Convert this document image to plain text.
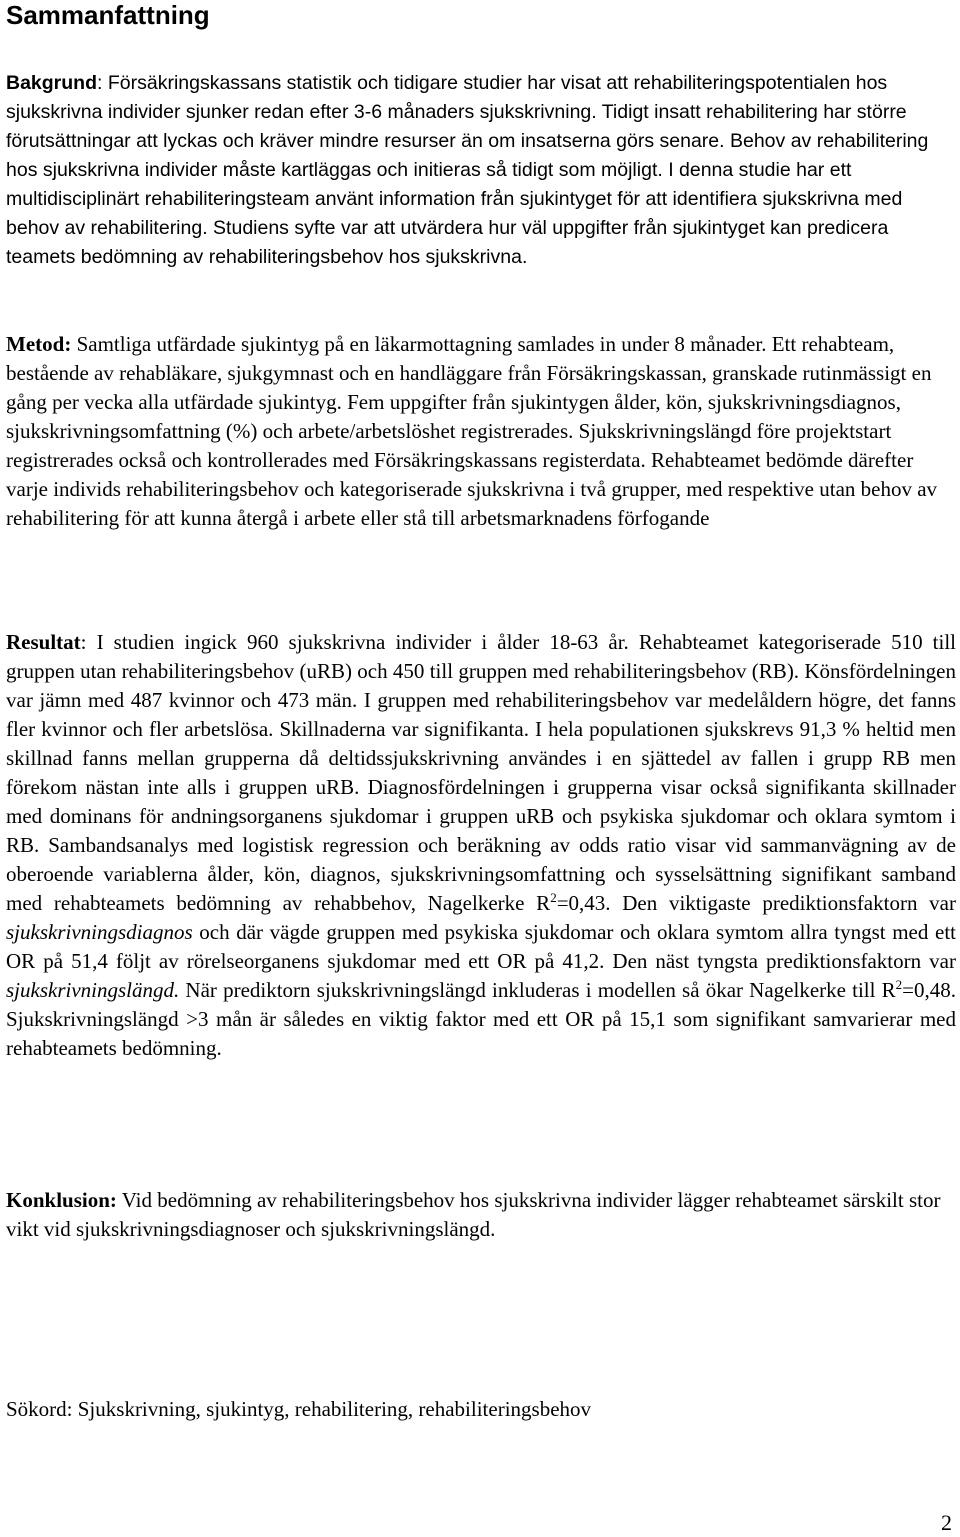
Sammanfattning

Bakgrund: Försäkringskassans statistik och tidigare studier har visat att rehabiliteringspotentialen hos sjukskrivna individer sjunker redan efter 3-6 månaders sjukskrivning. Tidigt insatt rehabilitering har större förutsättningar att lyckas och kräver mindre resurser än om insatserna görs senare. Behov av rehabilitering hos sjukskrivna individer måste kartläggas och initieras så tidigt som möjligt. I denna studie har ett multidisciplinärt rehabiliteringsteam använt information från sjukintyget för att identifiera sjukskrivna med behov av rehabilitering. Studiens syfte var att utvärdera hur väl uppgifter från sjukintyget kan predicera teamets bedömning av rehabiliteringsbehov hos sjukskrivna.

Metod: Samtliga utfärdade sjukintyg på en läkarmottagning samlades in under 8 månader. Ett rehabteam, bestående av rehabläkare, sjukgymnast och en handläggare från Försäkringskassan, granskade rutinmässigt en gång per vecka alla utfärdade sjukintyg. Fem uppgifter från sjukintygen ålder, kön, sjukskrivningsdiagnos, sjukskrivningsomfattning (%) och arbete/arbetslöshet registrerades. Sjukskrivningslängd före projektstart registrerades också och kontrollerades med Försäkringskassans registerdata. Rehabteamet bedömde därefter varje individs rehabiliteringsbehov och kategoriserade sjukskrivna i två grupper, med respektive utan behov av rehabilitering för att kunna återgå i arbete eller stå till arbetsmarknadens förfogande

Resultat: I studien ingick 960 sjukskrivna individer i ålder 18-63 år. Rehabteamet kategoriserade 510 till gruppen utan rehabiliteringsbehov (uRB) och 450 till gruppen med rehabiliteringsbehov (RB). Könsfördelningen var jämn med 487 kvinnor och 473 män. I gruppen med rehabiliteringsbehov var medelåldern högre, det fanns fler kvinnor och fler arbetslösa. Skillnaderna var signifikanta. I hela populationen sjukskrevs 91,3 % heltid men skillnad fanns mellan grupperna då deltidssjukskrivning användes i en sjättedel av fallen i grupp RB men förekom nästan inte alls i gruppen uRB. Diagnosfördelningen i grupperna visar också signifikanta skillnader med dominans för andningsorganens sjukdomar i gruppen uRB och psykiska sjukdomar och oklara symtom i RB. Sambandsanalys med logistisk regression och beräkning av odds ratio visar vid sammanvägning av de oberoende variablerna ålder, kön, diagnos, sjukskrivningsomfattning och sysselsättning signifikant samband med rehabteamets bedömning av rehabbehov, Nagelkerke $R^2=0,43$. Den viktigaste prediktionsfaktorn var sjukskrivningsdiagnos och där vägde gruppen med psykiska sjukdomar och oklara symtom allra tyngst med ett OR på 51,4 följt av rörelseorganens sjukdomar med ett OR på 41,2. Den näst tyngsta prediktionsfaktorn var sjukskrivningslängd. När prediktorn sjukskrivningslängd inkluderas i modellen så ökar Nagelkerke till $R^2=0,48$. Sjukskrivningslängd >3 mån är således en viktig faktor med ett OR på 15,1 som signifikant samvarierar med rehabteamets bedömning.

Konklusion: Vid bedömning av rehabiliteringsbehov hos sjukskrivna individer lägger rehabteamet särskilt stor vikt vid sjukskrivningsdiagnoser och sjukskrivningslängd.

Sökord: Sjukskrivning, sjukintyg, rehabilitering, rehabiliteringsbehov

2
